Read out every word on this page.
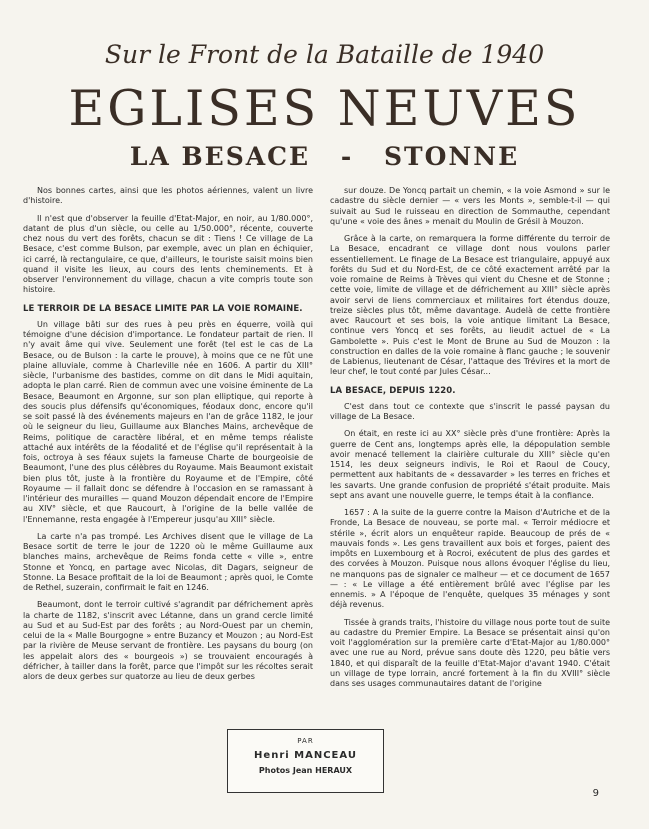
Sur le Front de la Bataille de 1940
EGLISES NEUVES
LA BESACE - STONNE

Nos bonnes cartes, ainsi que les photos aériennes, valent un livre d'histoire.

Il n'est que d'observer la feuille d'Etat-Major, en noir, au 1/80.000°, datant de plus d'un siècle, ou celle au 1/50.000°, récente, couverte chez nous du vert des forêts, chacun se dit : Tiens ! Ce village de La Besace, c'est comme Bulson, par exemple, avec un plan en échiquier, ici carré, là rectangulaire, ce que, d'ailleurs, le touriste saisit moins bien quand il visite les lieux, au cours des lents cheminements. Et à observer l'environnement du village, chacun a vite compris toute son histoire.

LE TERROIR DE LA BESACE LIMITE PAR LA VOIE ROMAINE.

Un village bâti sur des rues à peu près en équerre, voilà qui témoigne d'une décision d'importance. Le fondateur partait de rien. Il n'y avait âme qui vive. Seulement une forêt (tel est le cas de La Besace, ou de Bulson : la carte le prouve), à moins que ce ne fût une plaine alluviale, comme à Charleville née en 1606. A partir du XIII° siècle, l'urbanisme des bastides, comme on dit dans le Midi aquitain, adopta le plan carré. Rien de commun avec une voisine éminente de La Besace, Beaumont en Argonne, sur son plan elliptique, qui reporte à des soucis plus défensifs qu'économiques, féodaux donc, encore qu'il se soit passé là des événements majeurs en l'an de grâce 1182, le jour où le seigneur du lieu, Guillaume aux Blanches Mains, archevêque de Reims, politique de caractère libéral, et en même temps réaliste attaché aux intérêts de la féodalité et de l'église qu'il représentait à la fois, octroya à ses féaux sujets la fameuse Charte de bourgeoisie de Beaumont, l'une des plus célèbres du Royaume. Mais Beaumont existait bien plus tôt, juste à la frontière du Royaume et de l'Empire, côté Royaume — il fallait donc se défendre à l'occasion en se ramassant à l'intérieur des murailles — quand Mouzon dépendait encore de l'Empire au XIV° siècle, et que Raucourt, à l'origine de la belle vallée de l'Ennemanne, resta engagée à l'Empereur jusqu'au XIII° siècle.

La carte n'a pas trompé. Les Archives disent que le village de La Besace sortit de terre le jour de 1220 où le même Guillaume aux blanches mains, archevêque de Reims fonda cette « ville », entre Stonne et Yoncq, en partage avec Nicolas, dit Dagars, seigneur de Stonne. La Besace profitait de la loi de Beaumont ; après quoi, le Comte de Rethel, suzerain, confirmait le fait en 1246.

Beaumont, dont le terroir cultivé s'agrandit par défrichement après la charte de 1182, s'inscrit avec Létanne, dans un grand cercle limité au Sud et au Sud-Est par des forêts ; au Nord-Ouest par un chemin, celui de la « Malle Bourgogne » entre Buzancy et Mouzon ; au Nord-Est par la rivière de Meuse servant de frontière. Les paysans du bourg (on les appelait alors des « bourgeois ») se trouvaient encouragés à défricher, à tailler dans la forêt, parce que l'impôt sur les récoltes serait alors de deux gerbes sur quatorze au lieu de deux gerbes

sur douze. De Yoncq partait un chemin, « la voie Asmond » sur le cadastre du siècle dernier — « vers les Monts », semble-t-il — qui suivait au Sud le ruisseau en direction de Sommauthe, cependant qu'une « voie des ânes » menait du Moulin de Grésil à Mouzon.

Grâce à la carte, on remarquera la forme différente du terroir de La Besace, encadrant ce village dont nous voulons parler essentiellement. Le finage de La Besace est triangulaire, appuyé aux forêts du Sud et du Nord-Est, de ce côté exactement arrêté par la voie romaine de Reims à Trèves qui vient du Chesne et de Stonne ; cette voie, limite de village et de défrichement au XIII° siècle après avoir servi de liens commerciaux et militaires fort étendus douze, treize siècles plus tôt, même davantage. Audelà de cette frontière avec Raucourt et ses bois, la voie antique limitant La Besace, continue vers Yoncq et ses forêts, au lieudit actuel de « La Gambolette ». Puis c'est le Mont de Brune au Sud de Mouzon : la construction en dalles de la voie romaine à flanc gauche ; le souvenir de Labienus, lieutenant de César, l'attaque des Trévires et la mort de leur chef, le tout conté par Jules César...

LA BESACE, DEPUIS 1220.

C'est dans tout ce contexte que s'inscrit le passé paysan du village de La Besace.

On était, en reste ici au XX° siècle près d'une frontière: Après la guerre de Cent ans, longtemps après elle, la dépopulation semble avoir menacé tellement la clairière culturale du XIII° siècle qu'en 1514, les deux seigneurs indivis, le Roi et Raoul de Coucy, permettent aux habitants de « dessavarder » les terres en friches et les savarts. Une grande confusion de propriété s'était produite. Mais sept ans avant une nouvelle guerre, le temps était à la confiance.

1657 : A la suite de la guerre contre la Maison d'Autriche et de la Fronde, La Besace de nouveau, se porte mal. « Terroir médiocre et stérile », écrit alors un enquêteur rapide. Beaucoup de prés de « mauvais fonds ». Les gens travaillent aux bois et forges, paient des impôts en Luxembourg et à Rocroi, exécutent de plus des gardes et des corvées à Mouzon. Puisque nous allons évoquer l'église du lieu, ne manquons pas de signaler ce malheur — et ce document de 1657 — : « Le village a été entièrement brûlé avec l'église par les ennemis. » A l'époque de l'enquête, quelques 35 ménages y sont déjà revenus.

Tissée à grands traits, l'histoire du village nous porte tout de suite au cadastre du Premier Empire. La Besace se présentait ainsi qu'on voit l'agglomération sur la première carte d'Etat-Major au 1/80.000° avec une rue au Nord, prévue sans doute dès 1220, peu bâtie vers 1840, et qui disparaît de la feuille d'Etat-Major d'avant 1940. C'était un village de type lorrain, ancré fortement à la fin du XVIII° siècle dans ses usages communautaires datant de l'origine

PAR
Henri MANCEAU
Photos Jean HERAUX
9
